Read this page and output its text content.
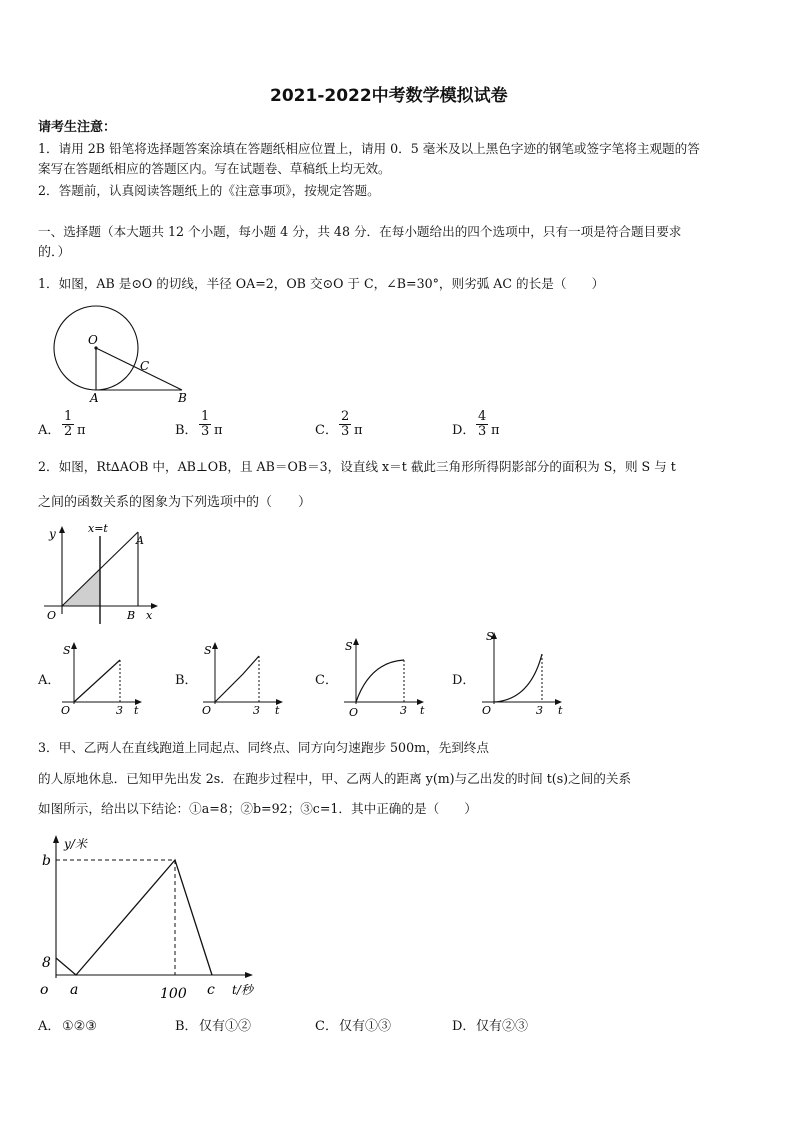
2021-2022中考数学模拟试卷
请考生注意：
1．请用 2B 铅笔将选择题答案涂填在答题纸相应位置上，请用 0．5 毫米及以上黑色字迹的钢笔或签字笔将主观题的答
案写在答题纸相应的答题区内。写在试题卷、草稿纸上均无效。
2．答题前，认真阅读答题纸上的《注意事项》，按规定答题。
一、选择题（本大题共 12 个小题，每小题 4 分，共 48 分．在每小题给出的四个选项中，只有一项是符合题目要求
的．）
1．如图，AB 是⊙O 的切线，半径 OA=2，OB 交⊙O 于 C，∠B=30°，则劣弧 AC 的长是（　　）
O
C
A	B
A． $\frac{1}{2}$ π	B． $\frac{1}{3}$ π	C． $\frac{2}{3}$ π	D． $\frac{4}{3}$ π
2．如图，Rt∆AOB 中，AB⊥OB，且 AB＝OB＝3，设直线 x＝t 截此三角形所得阴影部分的面积为 S，则 S 与 t
之间的函数关系的图象为下列选项中的（　　）
y	x=t
A
O	B x
A．
S
O	3 t
B．
S
O	3 t
C．
S
O	3 t
D．
S
O	3 t
3．甲、乙两人在直线跑道上同起点、同终点、同方向匀速跑步 500m，先到终点
的人原地休息．已知甲先出发 2s．在跑步过程中，甲、乙两人的距离 y(m)与乙出发的时间 t(s)之间的关系
如图所示，给出以下结论：①a=8；②b=92；③c=1．其中正确的是（　　）
y/米
b
8
o a	100 c t/秒
A． ①②③	B． 仅有①②	C． 仅有①③	D． 仅有②③
